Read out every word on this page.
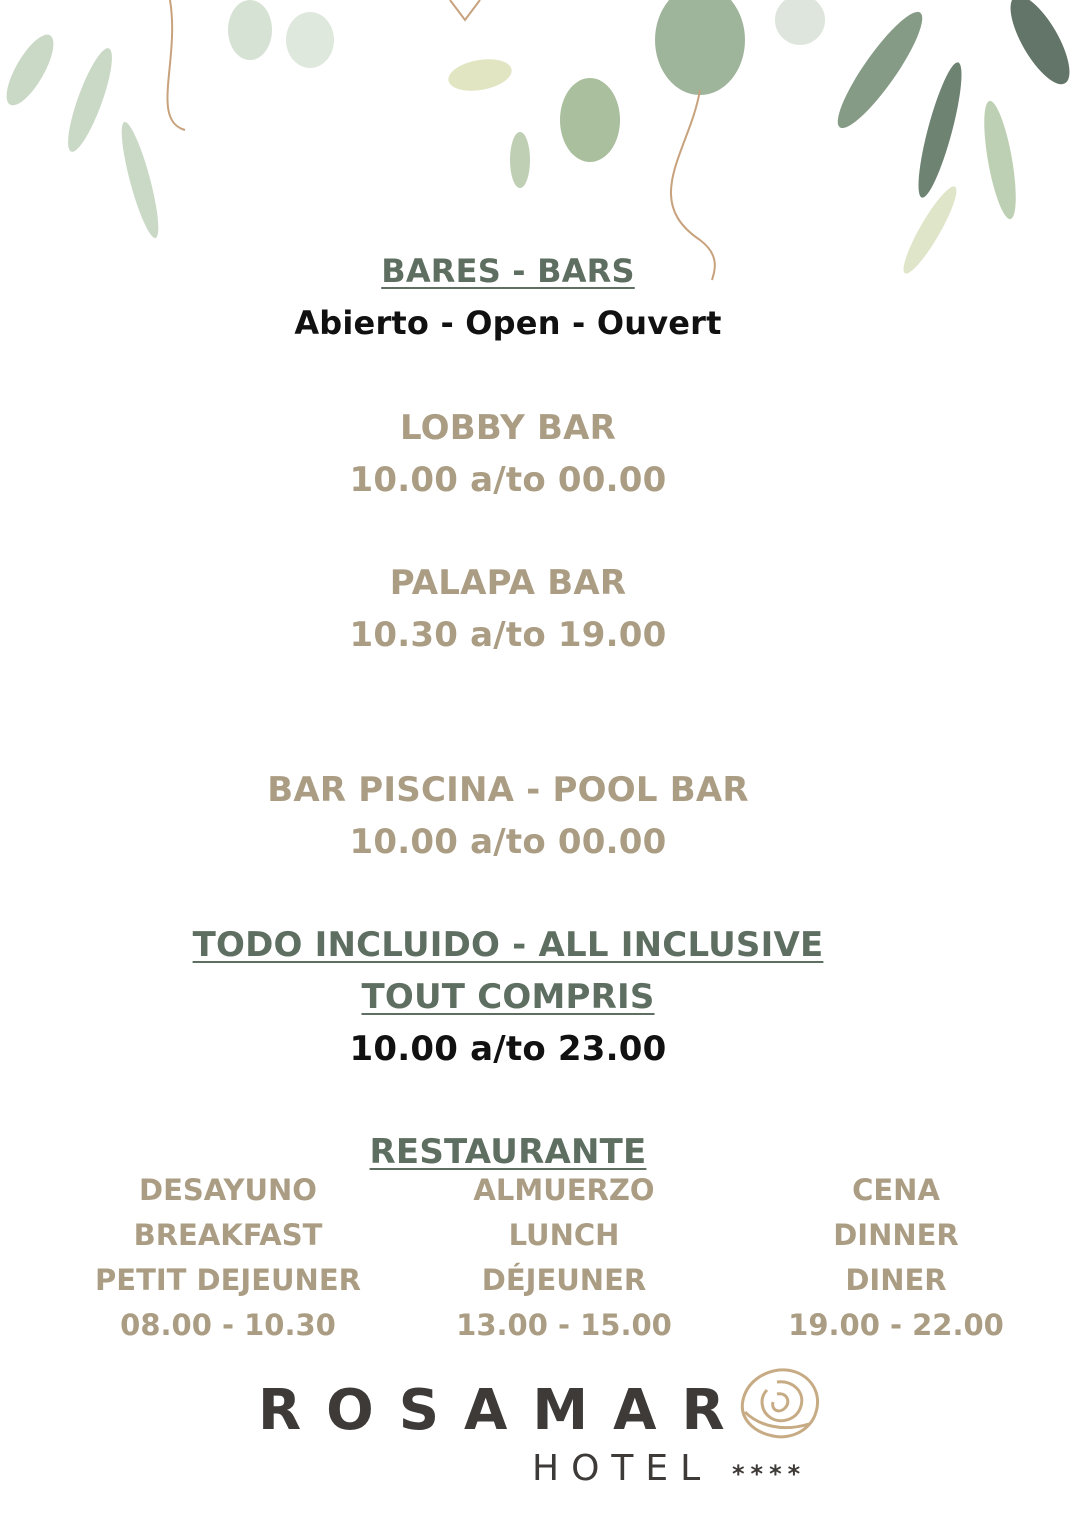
BARES - BARS
Abierto - Open - Ouvert
LOBBY BAR
10.00 a/to 00.00
PALAPA BAR
10.30 a/to 19.00
BAR PISCINA - POOL BAR
10.00 a/to 00.00
TODO INCLUIDO - ALL INCLUSIVE
TOUT COMPRIS
10.00 a/to 23.00
RESTAURANTE
DESAYUNO
BREAKFAST
PETIT DEJEUNER
08.00 - 10.30
ALMUERZO
LUNCH
DÉJEUNER
13.00 - 15.00
CENA
DINNER
DINER
19.00 - 22.00
ROSAMAR
HOTEL ****
